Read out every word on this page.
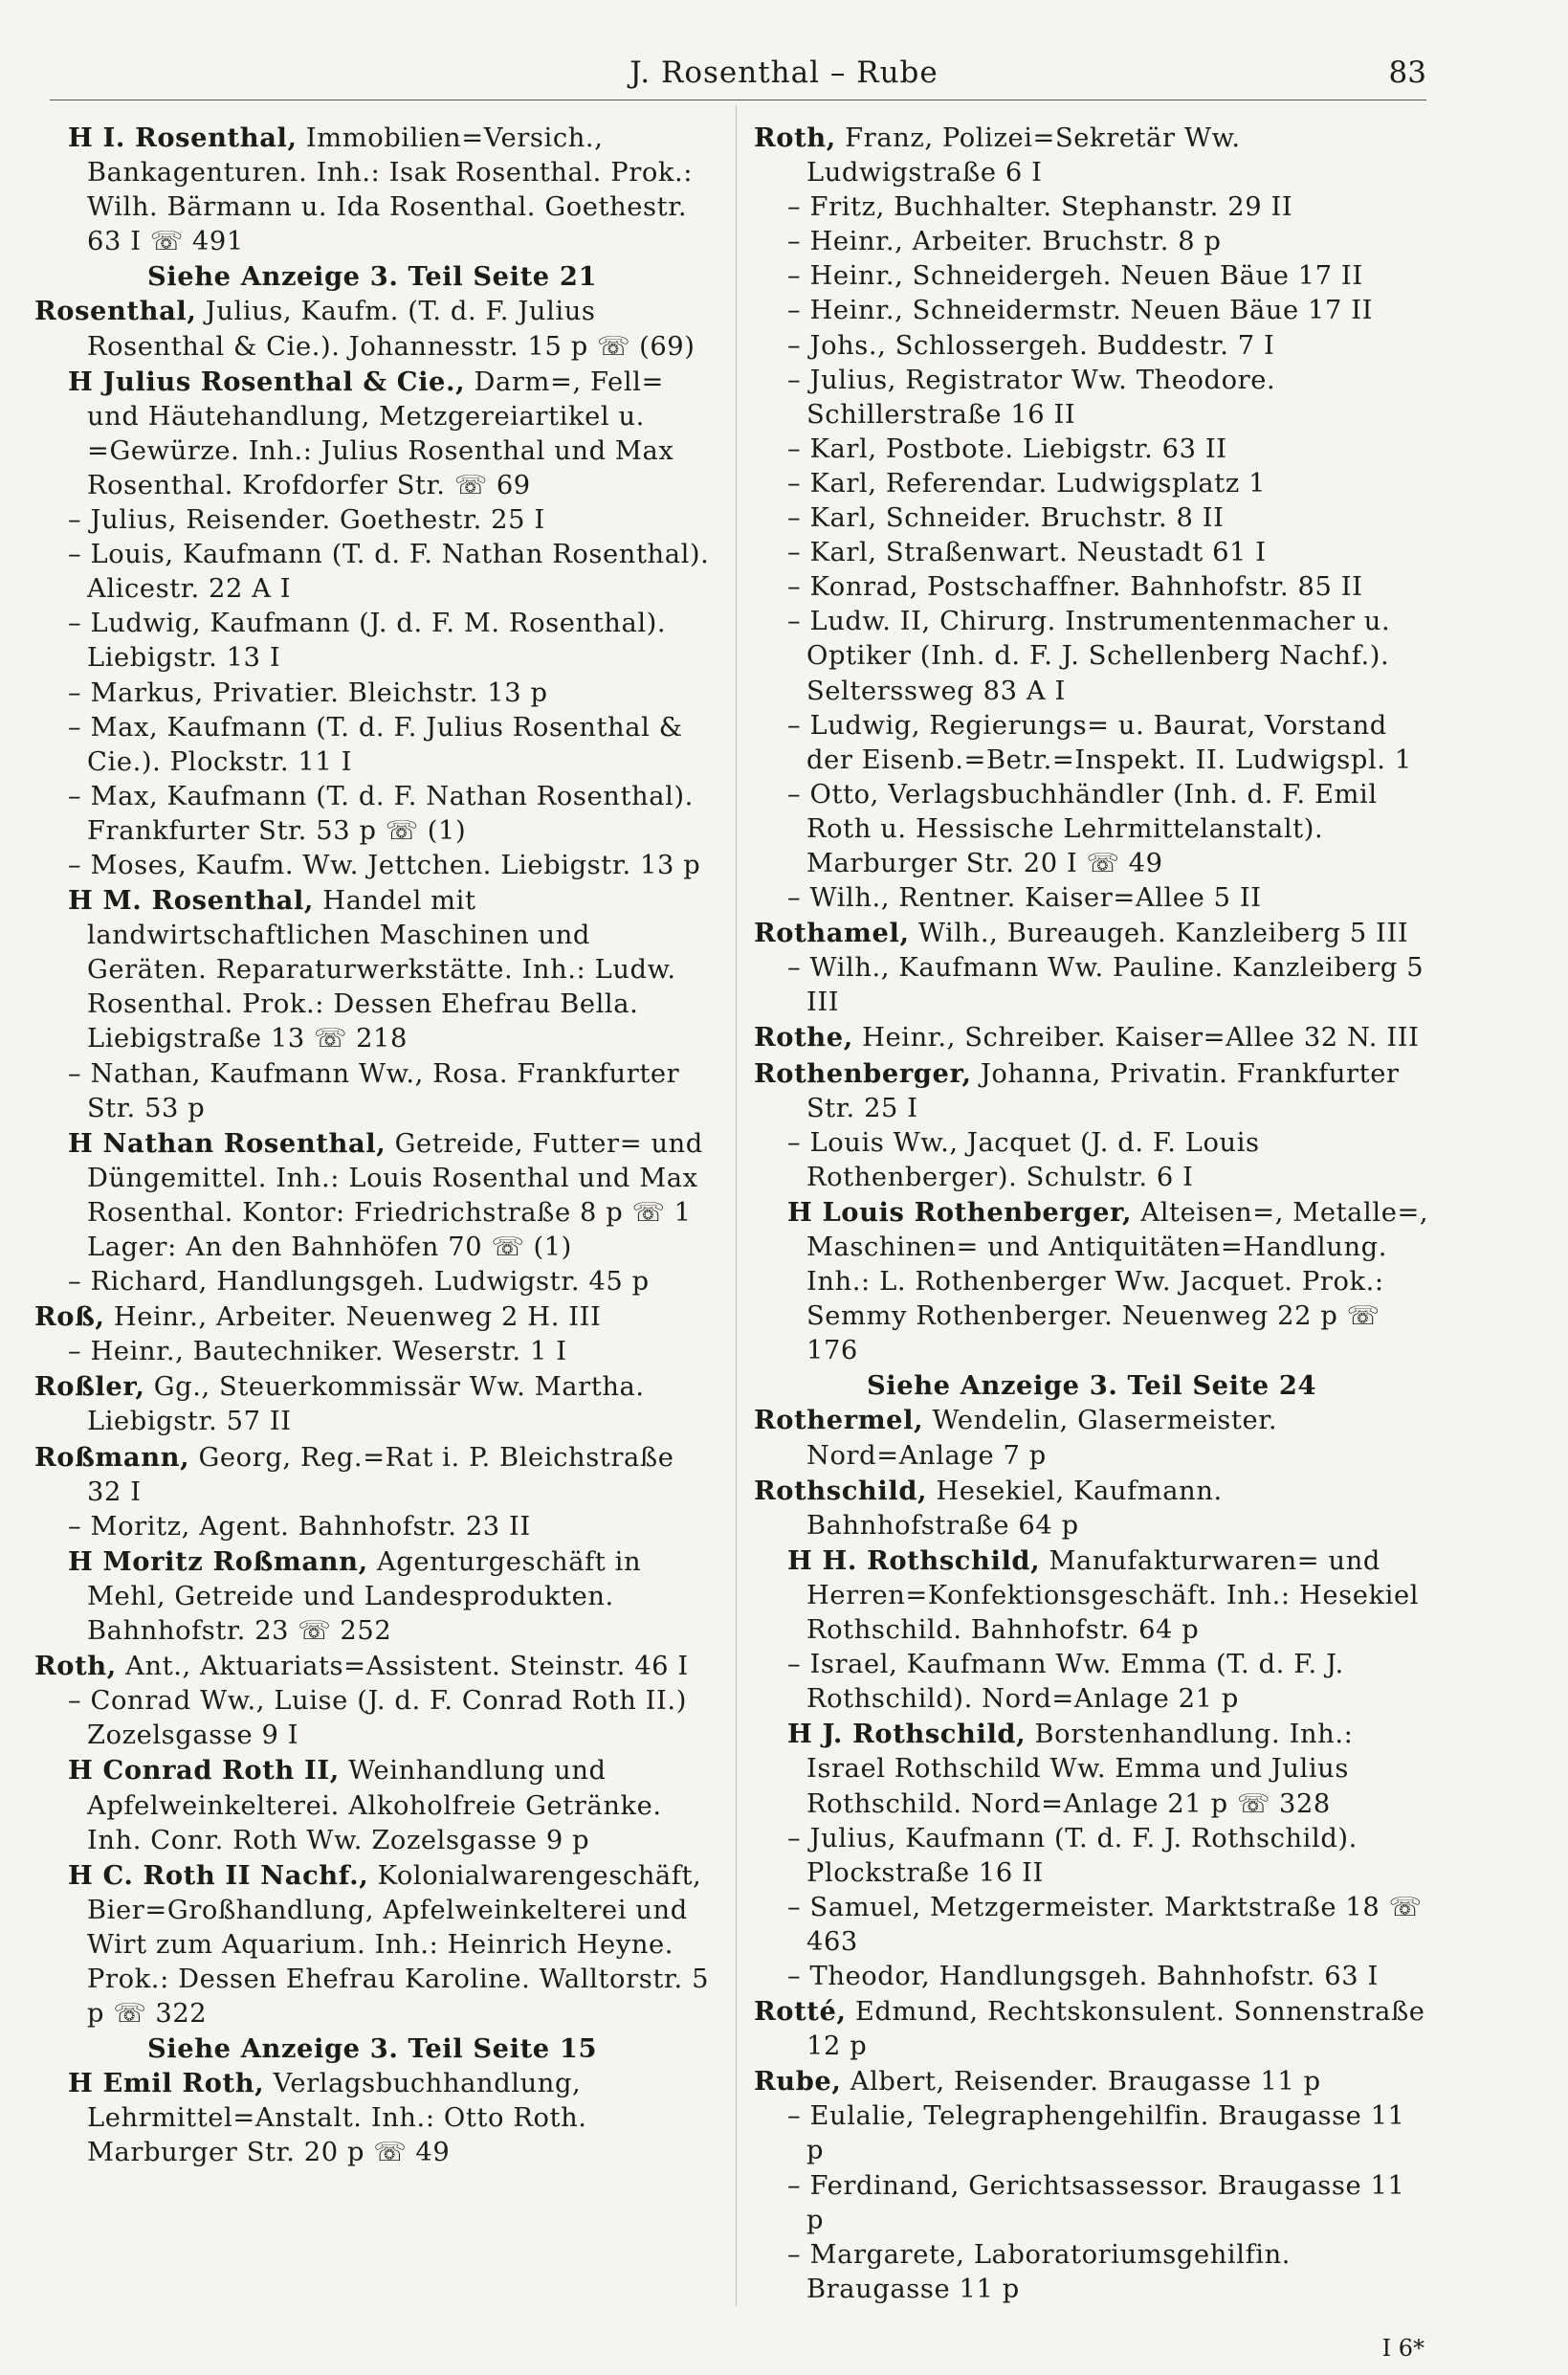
J. Rosenthal – Rube	83

H I. Rosenthal, Immobilien=Versich., Bankagenturen. Inh.: Isak Rosenthal. Prok.: Wilh. Bärmann u. Ida Rosenthal. Goethestr. 63 I ☏ 491

Siehe Anzeige 3. Teil Seite 21

Rosenthal, Julius, Kaufm. (T. d. F. Julius Rosenthal & Cie.). Johannesstr. 15 p ☏ (69)

H Julius Rosenthal & Cie., Darm=, Fell= und Häutehandlung, Metzgereiartikel u. =Gewürze. Inh.: Julius Rosenthal und Max Rosenthal. Krofdorfer Str. ☏ 69

– Julius, Reisender. Goethestr. 25 I

– Louis, Kaufmann (T. d. F. Nathan Rosenthal). Alicestr. 22 A I

– Ludwig, Kaufmann (J. d. F. M. Rosenthal). Liebigstr. 13 I

– Markus, Privatier. Bleichstr. 13 p

– Max, Kaufmann (T. d. F. Julius Rosenthal & Cie.). Plockstr. 11 I

– Max, Kaufmann (T. d. F. Nathan Rosenthal). Frankfurter Str. 53 p ☏ (1)

– Moses, Kaufm. Ww. Jettchen. Liebigstr. 13 p

H M. Rosenthal, Handel mit landwirtschaftlichen Maschinen und Geräten. Reparaturwerkstätte. Inh.: Ludw. Rosenthal. Prok.: Dessen Ehefrau Bella. Liebigstraße 13 ☏ 218

– Nathan, Kaufmann Ww., Rosa. Frankfurter Str. 53 p

H Nathan Rosenthal, Getreide, Futter= und Düngemittel. Inh.: Louis Rosenthal und Max Rosenthal. Kontor: Friedrichstraße 8 p ☏ 1 Lager: An den Bahnhöfen 70 ☏ (1)

– Richard, Handlungsgeh. Ludwigstr. 45 p

Roß, Heinr., Arbeiter. Neuenweg 2 H. III

– Heinr., Bautechniker. Weserstr. 1 I

Roßler, Gg., Steuerkommissär Ww. Martha. Liebigstr. 57 II

Roßmann, Georg, Reg.=Rat i. P. Bleichstraße 32 I

– Moritz, Agent. Bahnhofstr. 23 II

H Moritz Roßmann, Agenturgeschäft in Mehl, Getreide und Landesprodukten. Bahnhofstr. 23 ☏ 252

Roth, Ant., Aktuariats=Assistent. Steinstr. 46 I

– Conrad Ww., Luise (J. d. F. Conrad Roth II.) Zozelsgasse 9 I

H Conrad Roth II, Weinhandlung und Apfelweinkelterei. Alkoholfreie Getränke. Inh. Conr. Roth Ww. Zozelsgasse 9 p

H C. Roth II Nachf., Kolonialwarengeschäft, Bier=Großhandlung, Apfelweinkelterei und Wirt zum Aquarium. Inh.: Heinrich Heyne. Prok.: Dessen Ehefrau Karoline. Walltorstr. 5 p ☏ 322

Siehe Anzeige 3. Teil Seite 15

H Emil Roth, Verlagsbuchhandlung, Lehrmittel=Anstalt. Inh.: Otto Roth. Marburger Str. 20 p ☏ 49

Roth, Franz, Polizei=Sekretär Ww. Ludwigstraße 6 I

– Fritz, Buchhalter. Stephanstr. 29 II

– Heinr., Arbeiter. Bruchstr. 8 p

– Heinr., Schneidergeh. Neuen Bäue 17 II

– Heinr., Schneidermstr. Neuen Bäue 17 II

– Johs., Schlossergeh. Buddestr. 7 I

– Julius, Registrator Ww. Theodore. Schillerstraße 16 II

– Karl, Postbote. Liebigstr. 63 II

– Karl, Referendar. Ludwigsplatz 1

– Karl, Schneider. Bruchstr. 8 II

– Karl, Straßenwart. Neustadt 61 I

– Konrad, Postschaffner. Bahnhofstr. 85 II

– Ludw. II, Chirurg. Instrumentenmacher u. Optiker (Inh. d. F. J. Schellenberg Nachf.). Selterssweg 83 A I

– Ludwig, Regierungs= u. Baurat, Vorstand der Eisenb.=Betr.=Inspekt. II. Ludwigspl. 1

– Otto, Verlagsbuchhändler (Inh. d. F. Emil Roth u. Hessische Lehrmittelanstalt). Marburger Str. 20 I ☏ 49

– Wilh., Rentner. Kaiser=Allee 5 II

Rothamel, Wilh., Bureaugeh. Kanzleiberg 5 III

– Wilh., Kaufmann Ww. Pauline. Kanzleiberg 5 III

Rothe, Heinr., Schreiber. Kaiser=Allee 32 N. III

Rothenberger, Johanna, Privatin. Frankfurter Str. 25 I

– Louis Ww., Jacquet (J. d. F. Louis Rothenberger). Schulstr. 6 I

H Louis Rothenberger, Alteisen=, Metalle=, Maschinen= und Antiquitäten=Handlung. Inh.: L. Rothenberger Ww. Jacquet. Prok.: Semmy Rothenberger. Neuenweg 22 p ☏ 176

Siehe Anzeige 3. Teil Seite 24

Rothermel, Wendelin, Glasermeister. Nord=Anlage 7 p

Rothschild, Hesekiel, Kaufmann. Bahnhofstraße 64 p

H H. Rothschild, Manufakturwaren= und Herren=Konfektionsgeschäft. Inh.: Hesekiel Rothschild. Bahnhofstr. 64 p

– Israel, Kaufmann Ww. Emma (T. d. F. J. Rothschild). Nord=Anlage 21 p

H J. Rothschild, Borstenhandlung. Inh.: Israel Rothschild Ww. Emma und Julius Rothschild. Nord=Anlage 21 p ☏ 328

– Julius, Kaufmann (T. d. F. J. Rothschild). Plockstraße 16 II

– Samuel, Metzgermeister. Marktstraße 18 ☏ 463

– Theodor, Handlungsgeh. Bahnhofstr. 63 I

Rotté, Edmund, Rechtskonsulent. Sonnenstraße 12 p

Rube, Albert, Reisender. Braugasse 11 p

– Eulalie, Telegraphengehilfin. Braugasse 11 p

– Ferdinand, Gerichtsassessor. Braugasse 11 p

– Margarete, Laboratoriumsgehilfin. Braugasse 11 p

I 6*
